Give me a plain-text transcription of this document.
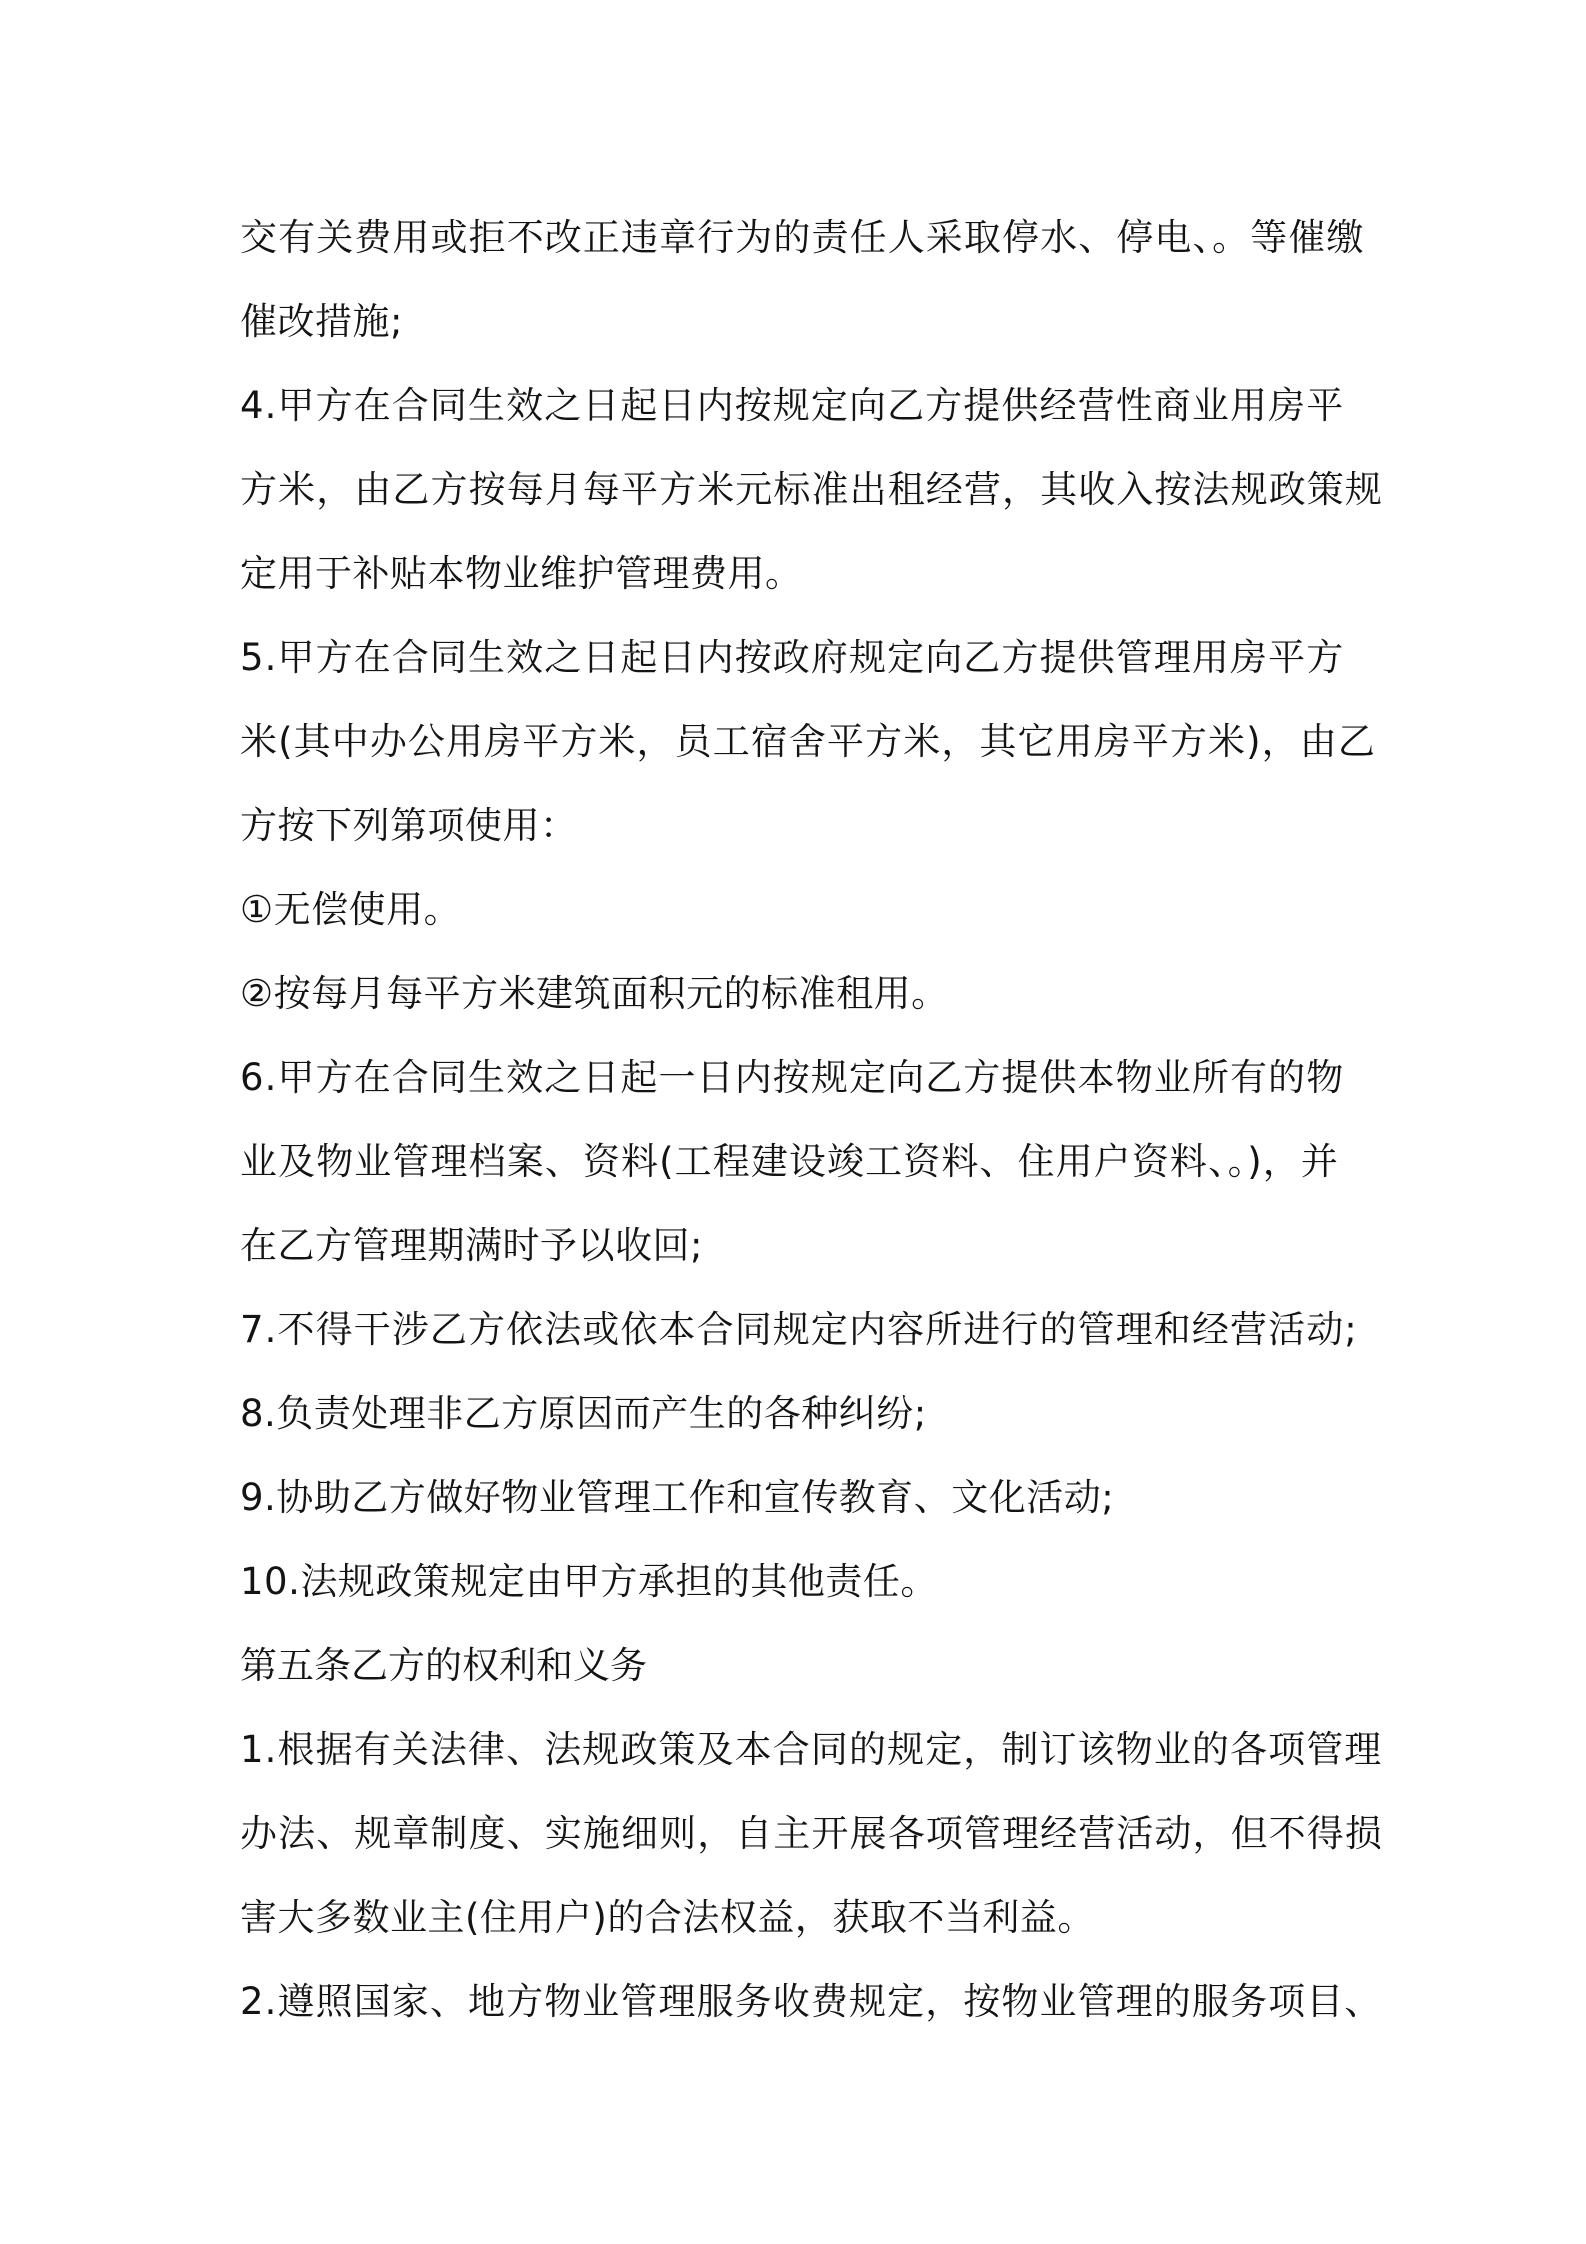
交有关费用或拒不改正违章行为的责任人采取停水、停电、。等催缴
催改措施;
4.甲方在合同生效之日起日内按规定向乙方提供经营性商业用房平
方米，由乙方按每月每平方米元标准出租经营，其收入按法规政策规
定用于补贴本物业维护管理费用。
5.甲方在合同生效之日起日内按政府规定向乙方提供管理用房平方
米(其中办公用房平方米，员工宿舍平方米，其它用房平方米)，由乙
方按下列第项使用：
①无偿使用。
②按每月每平方米建筑面积元的标准租用。
6.甲方在合同生效之日起一日内按规定向乙方提供本物业所有的物
业及物业管理档案、资料(工程建设竣工资料、住用户资料、。)，并
在乙方管理期满时予以收回;
7.不得干涉乙方依法或依本合同规定内容所进行的管理和经营活动;
8.负责处理非乙方原因而产生的各种纠纷;
9.协助乙方做好物业管理工作和宣传教育、文化活动;
10.法规政策规定由甲方承担的其他责任。
第五条乙方的权利和义务
1.根据有关法律、法规政策及本合同的规定，制订该物业的各项管理
办法、规章制度、实施细则，自主开展各项管理经营活动，但不得损
害大多数业主(住用户)的合法权益，获取不当利益。
2.遵照国家、地方物业管理服务收费规定，按物业管理的服务项目、
